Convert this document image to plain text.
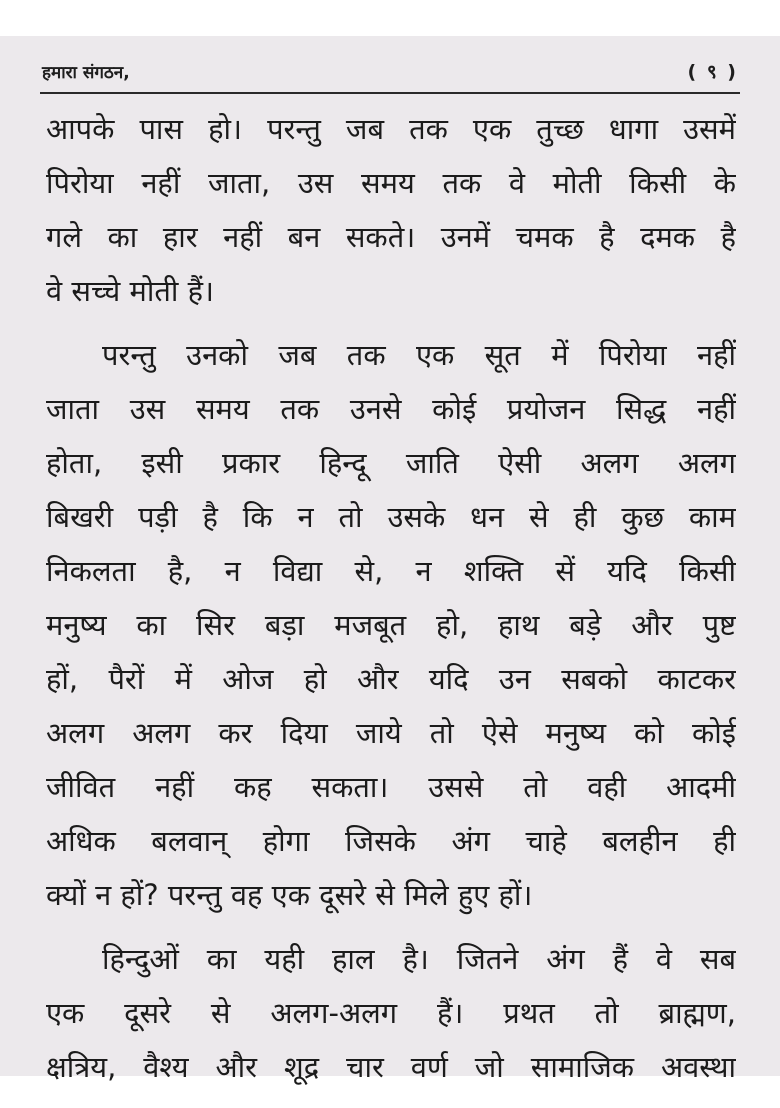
हमारा संगठन,	( ९ )
आपके पास हो। परन्तु जब तक एक तुच्छ धागा उसमें
पिरोया नहीं जाता, उस समय तक वे मोती किसी के
गले का हार नहीं बन सकते। उनमें चमक है दमक है
वे सच्चे मोती हैं।
परन्तु उनको जब तक एक सूत में पिरोया नहीं
जाता उस समय तक उनसे कोई प्रयोजन सिद्ध नहीं
होता, इसी प्रकार हिन्दू जाति ऐसी अलग अलग
बिखरी पड़ी है कि न तो उसके धन से ही कुछ काम
निकलता है, न विद्या से, न शक्ति सें यदि किसी
मनुष्य का सिर बड़ा मजबूत हो, हाथ बड़े और पुष्ट
हों, पैरों में ओज हो और यदि उन सबको काटकर
अलग अलग कर दिया जाये तो ऐसे मनुष्य को कोई
जीवित नहीं कह सकता। उससे तो वही आदमी
अधिक बलवान् होगा जिसके अंग चाहे बलहीन ही
क्यों न हों? परन्तु वह एक दूसरे से मिले हुए हों।
हिन्दुओं का यही हाल है। जितने अंग हैं वे सब
एक दूसरे से अलग-अलग हैं। प्रथत तो ब्राह्मण,
क्षत्रिय, वैश्य और शूद्र चार वर्ण जो सामाजिक अवस्था
